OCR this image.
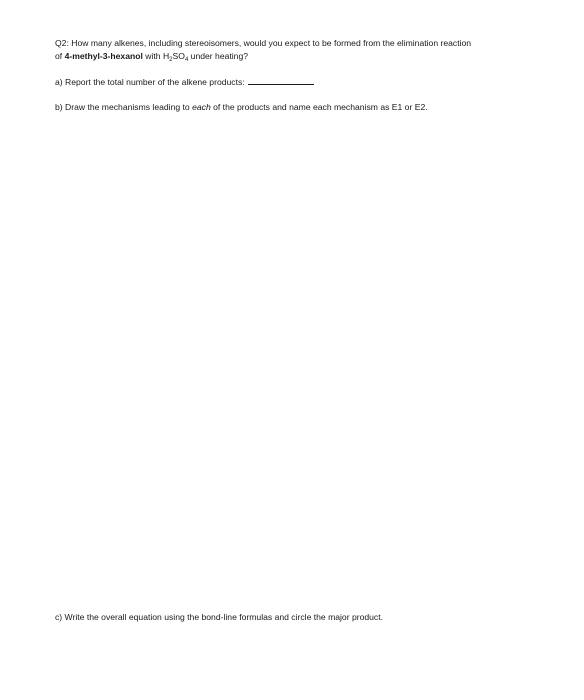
Q2: How many alkenes, including stereoisomers, would you expect to be formed from the elimination reaction
of 4-methyl-3-hexanol with $H_2SO_4$ under heating?
a) Report the total number of the alkene products:
b) Draw the mechanisms leading to each of the products and name each mechanism as E1 or E2.
c) Write the overall equation using the bond-line formulas and circle the major product.
